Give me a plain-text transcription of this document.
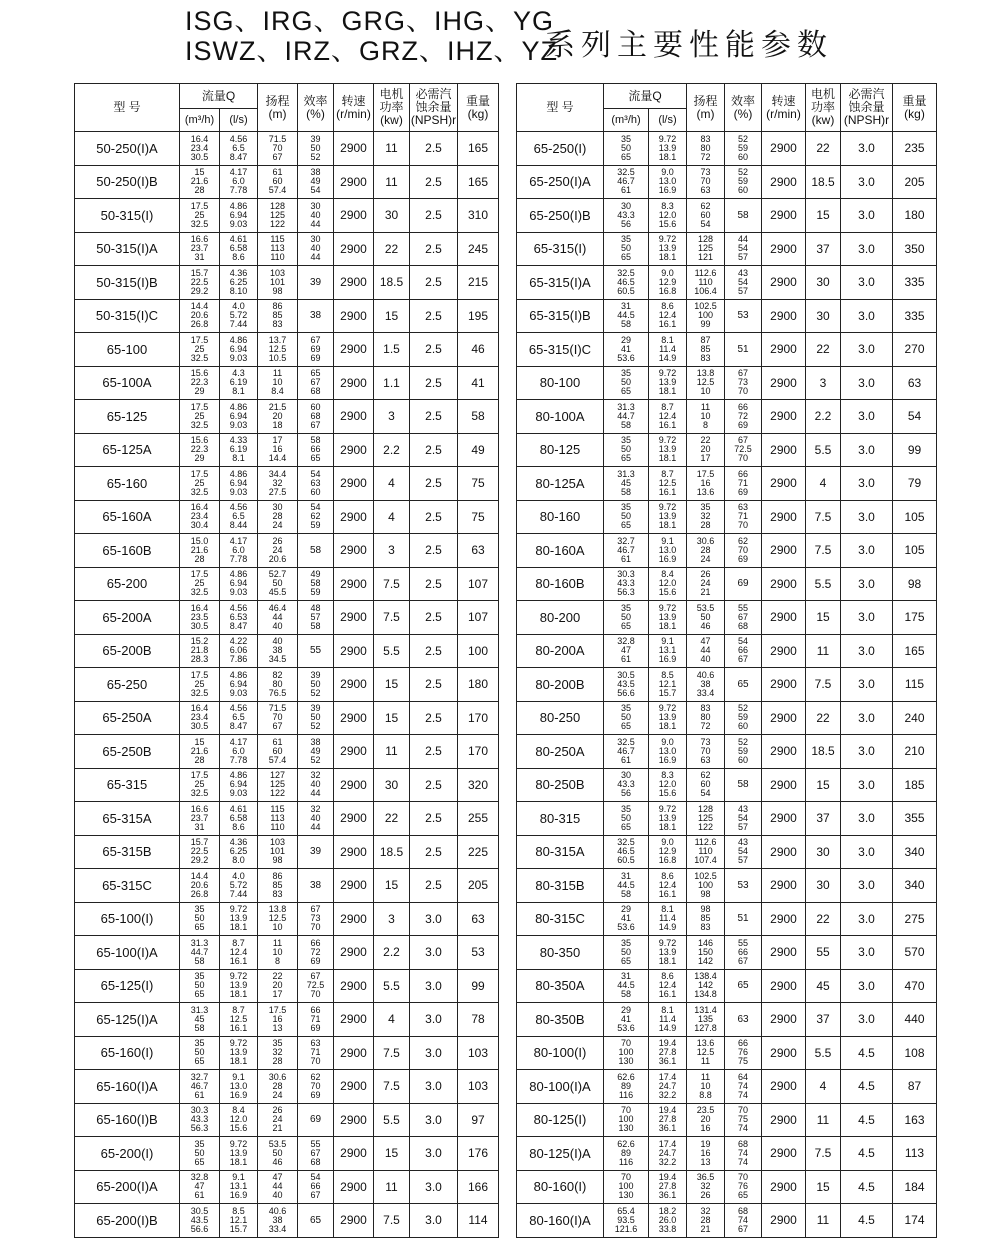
ISG、IRG、GRG、IHG、YG
ISWZ、IRZ、GRZ、IHZ、YZ
系列主要性能参数
型 号	流量Q		扬程
(m)	效率
(%)	转速
(r/min)	电机
功率
(kw)	必需汽
蚀余量
(NPSH)r	重量
(kg)

	(m³/h)	(l/s)						
50-250(I)A	16.4
23.4
30.5	4.56
6.5
8.47	71.5
70
67	39
50
52	2900	11	2.5	165
50-250(I)B	15
21.6
28	4.17
6.0
7.78	61
60
57.4	38
49
54	2900	11	2.5	165
50-315(I)	17.5
25
32.5	4.86
6.94
9.03	128
125
122	30
40
44	2900	30	2.5	310
50-315(I)A	16.6
23.7
31	4.61
6.58
8.6	115
113
110	30
40
44	2900	22	2.5	245
50-315(I)B	15.7
22.5
29.2	4.36
6.25
8.10	103
101
98	39	2900	18.5	2.5	215
50-315(I)C	14.4
20.6
26.8	4.0
5.72
7.44	86
85
83	38	2900	15	2.5	195
65-100	17.5
25
32.5	4.86
6.94
9.03	13.7
12.5
10.5	67
69
69	2900	1.5	2.5	46
65-100A	15.6
22.3
29	4.3
6.19
8.1	11
10
8.4	65
67
68	2900	1.1	2.5	41
65-125	17.5
25
32.5	4.86
6.94
9.03	21.5
20
18	60
68
67	2900	3	2.5	58
65-125A	15.6
22.3
29	4.33
6.19
8.1	17
16
14.4	58
66
65	2900	2.2	2.5	49
65-160	17.5
25
32.5	4.86
6.94
9.03	34.4
32
27.5	54
63
60	2900	4	2.5	75
65-160A	16.4
23.4
30.4	4.56
6.5
8.44	30
28
24	54
62
59	2900	4	2.5	75
65-160B	15.0
21.6
28	4.17
6.0
7.78	26
24
20.6	58	2900	3	2.5	63
65-200	17.5
25
32.5	4.86
6.94
9.03	52.7
50
45.5	49
58
59	2900	7.5	2.5	107
65-200A	16.4
23.5
30.5	4.56
6.53
8.47	46.4
44
40	48
57
58	2900	7.5	2.5	107
65-200B	15.2
21.8
28.3	4.22
6.06
7.86	40
38
34.5	55	2900	5.5	2.5	100
65-250	17.5
25
32.5	4.86
6.94
9.03	82
80
76.5	39
50
52	2900	15	2.5	180
65-250A	16.4
23.4
30.5	4.56
6.5
8.47	71.5
70
67	39
50
52	2900	15	2.5	170
65-250B	15
21.6
28	4.17
6.0
7.78	61
60
57.4	38
49
52	2900	11	2.5	170
65-315	17.5
25
32.5	4.86
6.94
9.03	127
125
122	32
40
44	2900	30	2.5	320
65-315A	16.6
23.7
31	4.61
6.58
8.6	115
113
110	32
40
44	2900	22	2.5	255
65-315B	15.7
22.5
29.2	4.36
6.25
8.0	103
101
98	39	2900	18.5	2.5	225
65-315C	14.4
20.6
26.8	4.0
5.72
7.44	86
85
83	38	2900	15	2.5	205
65-100(I)	35
50
65	9.72
13.9
18.1	13.8
12.5
10	67
73
70	2900	3	3.0	63
65-100(I)A	31.3
44.7
58	8.7
12.4
16.1	11
10
8	66
72
69	2900	2.2	3.0	53
65-125(I)	35
50
65	9.72
13.9
18.1	22
20
17	67
72.5
70	2900	5.5	3.0	99
65-125(I)A	31.3
45
58	8.7
12.5
16.1	17.5
16
13	66
71
69	2900	4	3.0	78
65-160(I)	35
50
65	9.72
13.9
18.1	35
32
28	63
71
70	2900	7.5	3.0	103
65-160(I)A	32.7
46.7
61	9.1
13.0
16.9	30.6
28
24	62
70
69	2900	7.5	3.0	103
65-160(I)B	30.3
43.3
56.3	8.4
12.0
15.6	26
24
21	69	2900	5.5	3.0	97
65-200(I)	35
50
65	9.72
13.9
18.1	53.5
50
46	55
67
68	2900	15	3.0	176
65-200(I)A	32.8
47
61	9.1
13.1
16.9	47
44
40	54
66
67	2900	11	3.0	166
65-200(I)B	30.5
43.5
56.6	8.5
12.1
15.7	40.6
38
33.4	65	2900	7.5	3.0	114
型 号	流量Q		扬程
(m)	效率
(%)	转速
(r/min)	电机
功率
(kw)	必需汽
蚀余量
(NPSH)r	重量
(kg)

	(m³/h)	(l/s)						
65-250(I)	35
50
65	9.72
13.9
18.1	83
80
72	52
59
60	2900	22	3.0	235
65-250(I)A	32.5
46.7
61	9.0
13.0
16.9	73
70
63	52
59
60	2900	18.5	3.0	205
65-250(I)B	30
43.3
56	8.3
12.0
15.6	62
60
54	58	2900	15	3.0	180
65-315(I)	35
50
65	9.72
13.9
18.1	128
125
121	44
54
57	2900	37	3.0	350
65-315(I)A	32.5
46.5
60.5	9.0
12.9
16.8	112.6
110
106.4	43
54
57	2900	30	3.0	335
65-315(I)B	31
44.5
58	8.6
12.4
16.1	102.5
100
99	53	2900	30	3.0	335
65-315(I)C	29
41
53.6	8.1
11.4
14.9	87
85
83	51	2900	22	3.0	270
80-100	35
50
65	9.72
13.9
18.1	13.8
12.5
10	67
73
70	2900	3	3.0	63
80-100A	31.3
44.7
58	8.7
12.4
16.1	11
10
8	66
72
69	2900	2.2	3.0	54
80-125	35
50
65	9.72
13.9
18.1	22
20
17	67
72.5
70	2900	5.5	3.0	99
80-125A	31.3
45
58	8.7
12.5
16.1	17.5
16
13.6	66
71
69	2900	4	3.0	79
80-160	35
50
65	9.72
13.9
18.1	35
32
28	63
71
70	2900	7.5	3.0	105
80-160A	32.7
46.7
61	9.1
13.0
16.9	30.6
28
24	62
70
69	2900	7.5	3.0	105
80-160B	30.3
43.3
56.3	8.4
12.0
15.6	26
24
21	69	2900	5.5	3.0	98
80-200	35
50
65	9.72
13.9
18.1	53.5
50
46	55
67
68	2900	15	3.0	175
80-200A	32.8
47
61	9.1
13.1
16.9	47
44
40	54
66
67	2900	11	3.0	165
80-200B	30.5
43.5
56.6	8.5
12.1
15.7	40.6
38
33.4	65	2900	7.5	3.0	115
80-250	35
50
65	9.72
13.9
18.1	83
80
72	52
59
60	2900	22	3.0	240
80-250A	32.5
46.7
61	9.0
13.0
16.9	73
70
63	52
59
60	2900	18.5	3.0	210
80-250B	30
43.3
56	8.3
12.0
15.6	62
60
54	58	2900	15	3.0	185
80-315	35
50
65	9.72
13.9
18.1	128
125
122	43
54
57	2900	37	3.0	355
80-315A	32.5
46.5
60.5	9.0
12.9
16.8	112.6
110
107.4	43
54
57	2900	30	3.0	340
80-315B	31
44.5
58	8.6
12.4
16.1	102.5
100
98	53	2900	30	3.0	340
80-315C	29
41
53.6	8.1
11.4
14.9	98
85
83	51	2900	22	3.0	275
80-350	35
50
65	9.72
13.9
18.1	146
150
142	55
66
67	2900	55	3.0	570
80-350A	31
44.5
58	8.6
12.4
16.1	138.4
142
134.8	65	2900	45	3.0	470
80-350B	29
41
53.6	8.1
11.4
14.9	131.4
135
127.8	63	2900	37	3.0	440
80-100(I)	70
100
130	19.4
27.8
36.1	13.6
12.5
11	66
76
75	2900	5.5	4.5	108
80-100(I)A	62.6
89
116	17.4
24.7
32.2	11
10
8.8	64
74
74	2900	4	4.5	87
80-125(I)	70
100
130	19.4
27.8
36.1	23.5
20
16	70
75
74	2900	11	4.5	163
80-125(I)A	62.6
89
116	17.4
24.7
32.2	19
16
13	68
74
74	2900	7.5	4.5	113
80-160(I)	70
100
130	19.4
27.8
36.1	36.5
32
26	70
76
65	2900	15	4.5	184
80-160(I)A	65.4
93.5
121.6	18.2
26.0
33.8	32
28
21	68
74
67	2900	11	4.5	174
